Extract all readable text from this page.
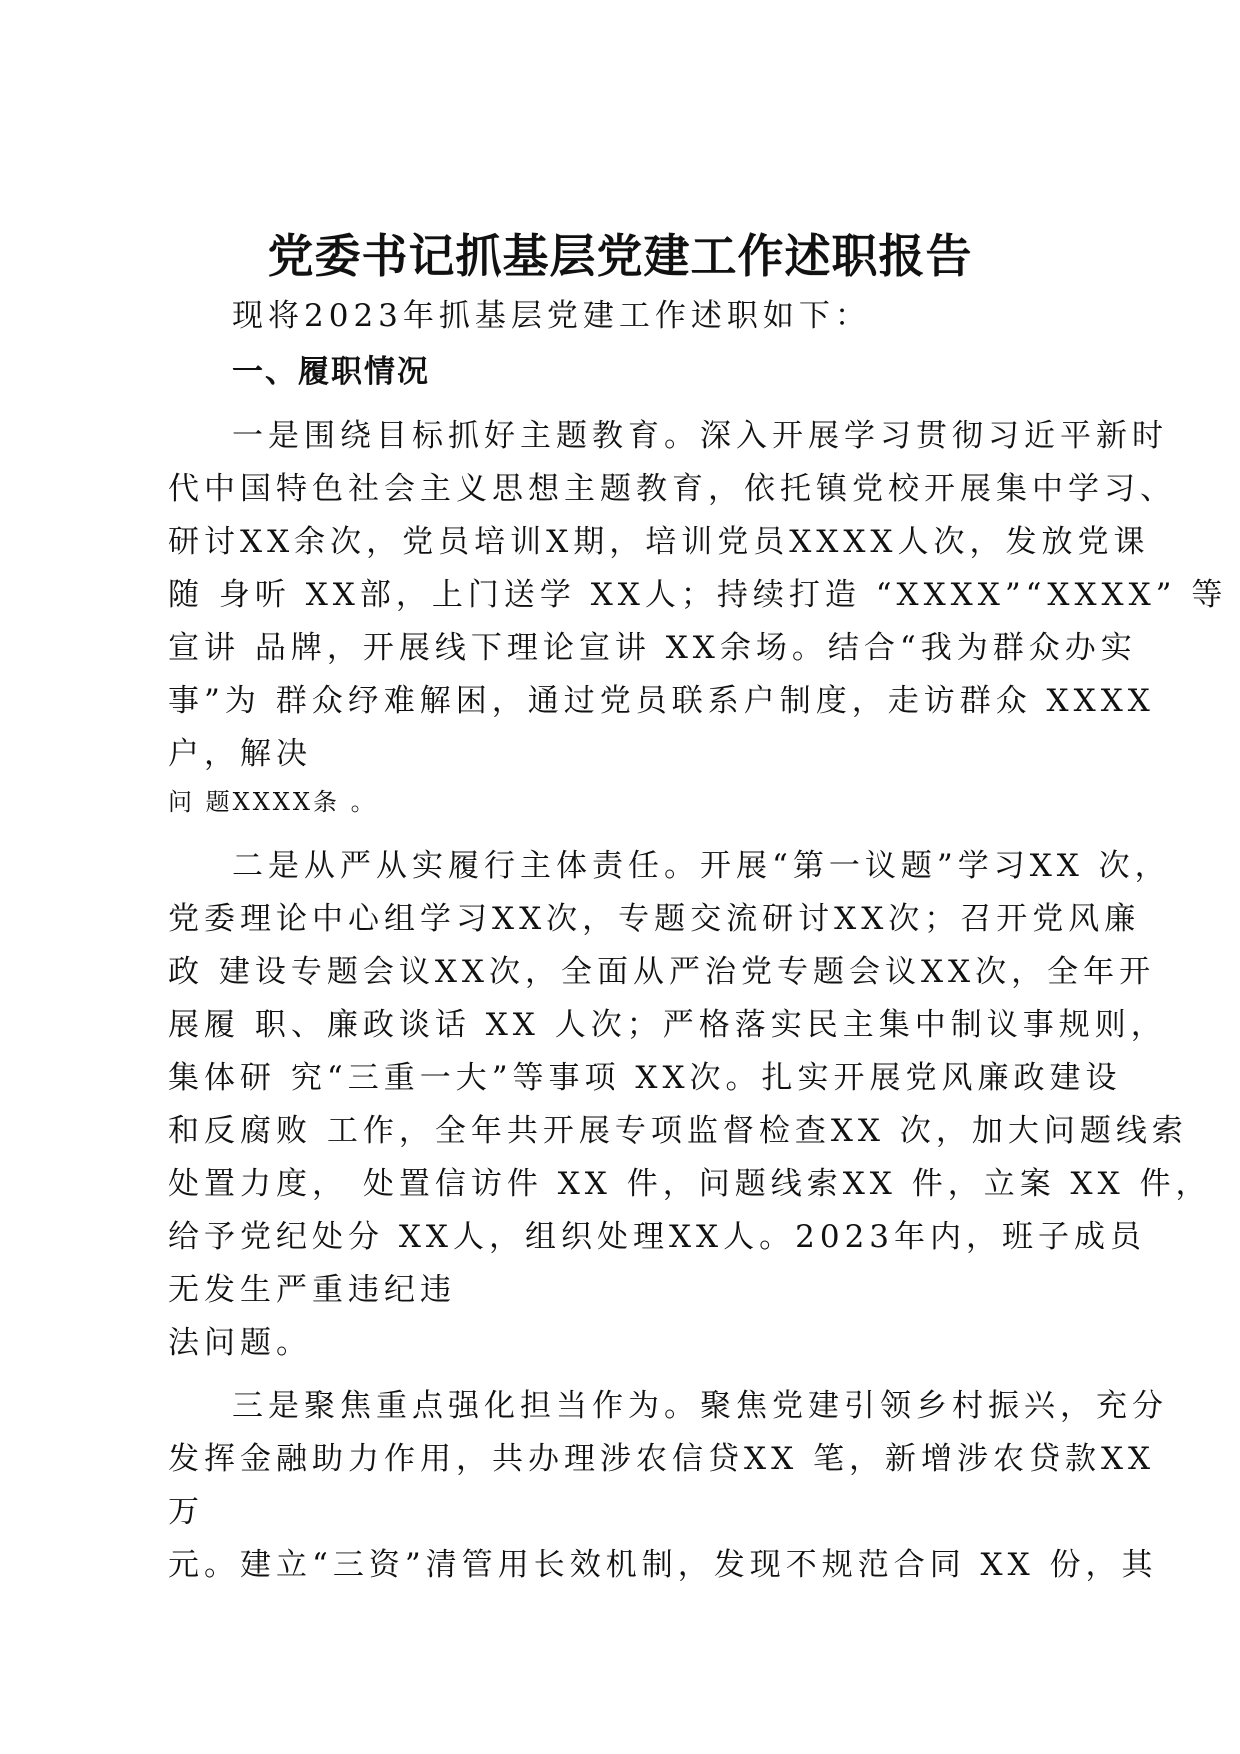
党委书记抓基层党建工作述职报告
现将2023年抓基层党建工作述职如下：
一、履职情况
一是围绕目标抓好主题教育。深入开展学习贯彻习近平新时
代中国特色社会主义思想主题教育，依托镇党校开展集中学习、
研讨XX余次，党员培训X期，培训党员XXXX人次，发放党课
随 身听 XX部，上门送学 XX人；持续打造 “XXXX”“XXXX” 等
宣讲 品牌，开展线下理论宣讲 XX余场。结合“我为群众办实
事”为 群众纾难解困，通过党员联系户制度，走访群众 XXXX
户，解决
问 题XXXX条 。
二是从严从实履行主体责任。开展“第一议题”学习XX 次，
党委理论中心组学习XX次，专题交流研讨XX次；召开党风廉
政 建设专题会议XX次，全面从严治党专题会议XX次，全年开
展履 职、廉政谈话 XX 人次；严格落实民主集中制议事规则，
集体研 究“三重一大”等事项 XX次。扎实开展党风廉政建设
和反腐败 工作，全年共开展专项监督检查XX 次，加大问题线索
处置力度， 处置信访件 XX 件，问题线索XX 件，立案 XX 件，
给予党纪处分 XX人，组织处理XX人。2023年内，班子成员
无发生严重违纪违
法问题。
三是聚焦重点强化担当作为。聚焦党建引领乡村振兴，充分
发挥金融助力作用，共办理涉农信贷XX 笔，新增涉农贷款XX
万
元。建立“三资”清管用长效机制，发现不规范合同 XX 份，其
